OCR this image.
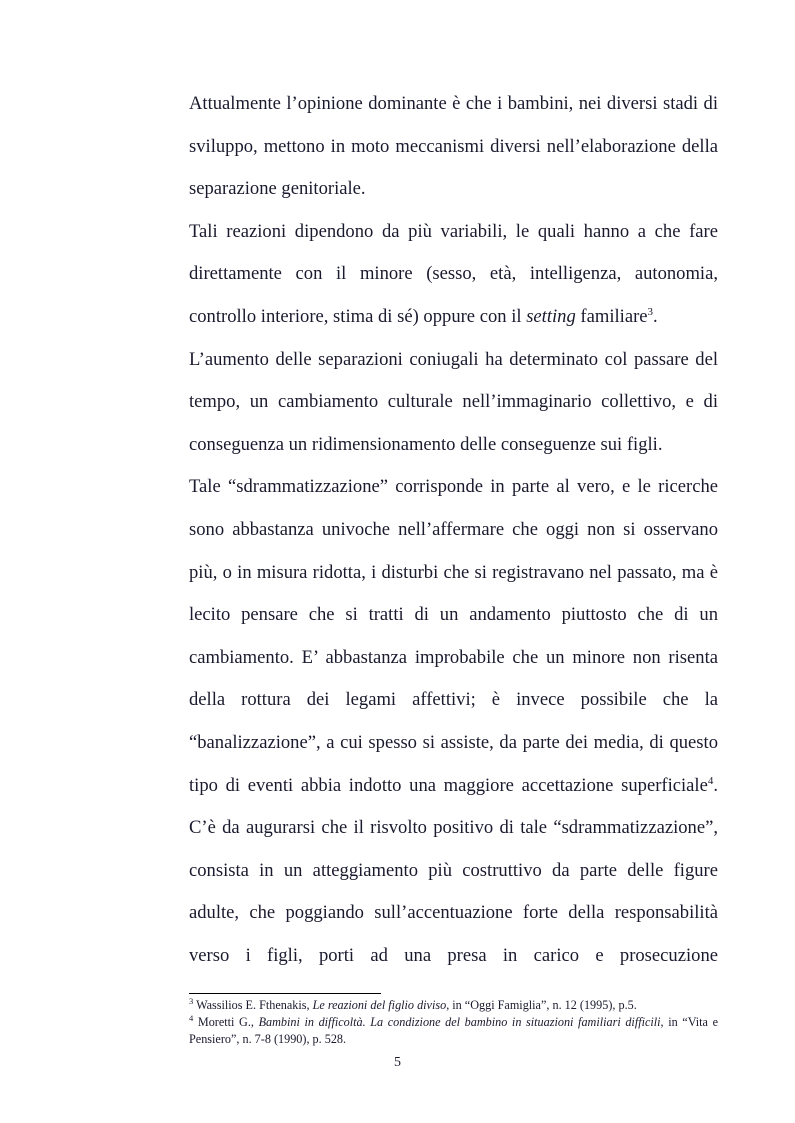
Attualmente l’opinione dominante è che i bambini, nei diversi stadi di sviluppo, mettono in moto meccanismi diversi nell’elaborazione della separazione genitoriale.

Tali reazioni dipendono da più variabili, le quali hanno a che fare direttamente con il minore (sesso, età, intelligenza, autonomia, controllo interiore, stima di sé) oppure con il setting familiare$^3$.

L’aumento delle separazioni coniugali ha determinato col passare del tempo, un cambiamento culturale nell’immaginario collettivo, e di conseguenza un ridimensionamento delle conseguenze sui figli.

Tale “sdrammatizzazione” corrisponde in parte al vero, e le ricerche sono abbastanza univoche nell’affermare che oggi non si osservano più, o in misura ridotta, i disturbi che si registravano nel passato, ma è lecito pensare che si tratti di un andamento piuttosto che di un cambiamento. E’ abbastanza improbabile che un minore non risenta della rottura dei legami affettivi; è invece possibile che la “banalizzazione”, a cui spesso si assiste, da parte dei media, di questo tipo di eventi abbia indotto una maggiore accettazione superficiale$^4$. C’è da augurarsi che il risvolto positivo di tale “sdrammatizzazione”, consista in un atteggiamento più costruttivo da parte delle figure adulte, che poggiando sull’accentuazione forte della responsabilità verso i figli, porti ad una presa in carico e prosecuzione

$^3$ Wassilios E. Fthenakis, Le reazioni del figlio diviso, in “Oggi Famiglia”, n. 12 (1995), p.5.

$^4$ Moretti G., Bambini in difficoltà. La condizione del bambino in situazioni familiari difficili, in “Vita e Pensiero”, n. 7-8 (1990), p. 528.

5
